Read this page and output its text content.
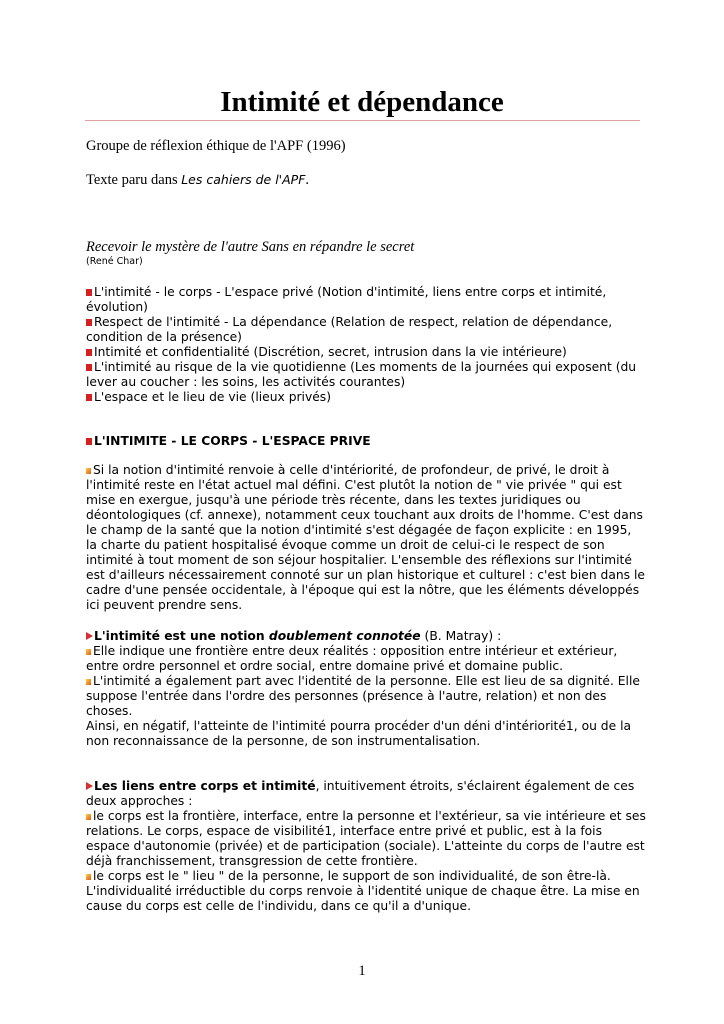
Intimité et dépendance
Groupe de réflexion éthique de l'APF (1996)
Texte paru dans Les cahiers de l'APF.
Recevoir le mystère de l'autre Sans en répandre le secret
(René Char)
L'intimité - le corps - L'espace privé (Notion d'intimité, liens entre corps et intimité, évolution)
Respect de l'intimité - La dépendance (Relation de respect, relation de dépendance, condition de la présence)
Intimité et confidentialité (Discrétion, secret, intrusion dans la vie intérieure)
L'intimité au risque de la vie quotidienne (Les moments de la journées qui exposent (du lever au coucher : les soins, les activités courantes)
L'espace et le lieu de vie (lieux privés)
L'INTIMITE - LE CORPS - L'ESPACE PRIVE

Si la notion d'intimité renvoie à celle d'intériorité, de profondeur, de privé, le droit à l'intimité reste en l'état actuel mal défini. C'est plutôt la notion de " vie privée " qui est mise en exergue, jusqu'à une période très récente, dans les textes juridiques ou déontologiques (cf. annexe), notamment ceux touchant aux droits de l'homme. C'est dans le champ de la santé que la notion d'intimité s'est dégagée de façon explicite : en 1995, la charte du patient hospitalisé évoque comme un droit de celui-ci le respect de son intimité à tout moment de son séjour hospitalier. L'ensemble des réflexions sur l'intimité est d'ailleurs nécessairement connoté sur un plan historique et culturel : c'est bien dans le cadre d'une pensée occidentale, à l'époque qui est la nôtre, que les éléments développés ici peuvent prendre sens.

L'intimité est une notion doublement connotée (B. Matray) :
Elle indique une frontière entre deux réalités : opposition entre intérieur et extérieur, entre ordre personnel et ordre social, entre domaine privé et domaine public.
L'intimité a également part avec l'identité de la personne. Elle est lieu de sa dignité. Elle suppose l'entrée dans l'ordre des personnes (présence à l'autre, relation) et non des choses.
Ainsi, en négatif, l'atteinte de l'intimité pourra procéder d'un déni d'intériorité1, ou de la non reconnaissance de la personne, de son instrumentalisation.
Les liens entre corps et intimité, intuitivement étroits, s'éclairent également de ces deux approches :
le corps est la frontière, interface, entre la personne et l'extérieur, sa vie intérieure et ses relations. Le corps, espace de visibilité1, interface entre privé et public, est à la fois espace d'autonomie (privée) et de participation (sociale). L'atteinte du corps de l'autre est déjà franchissement, transgression de cette frontière.
le corps est le " lieu " de la personne, le support de son individualité, de son être-là. L'individualité irréductible du corps renvoie à l'identité unique de chaque être. La mise en cause du corps est celle de l'individu, dans ce qu'il a d'unique.
1
